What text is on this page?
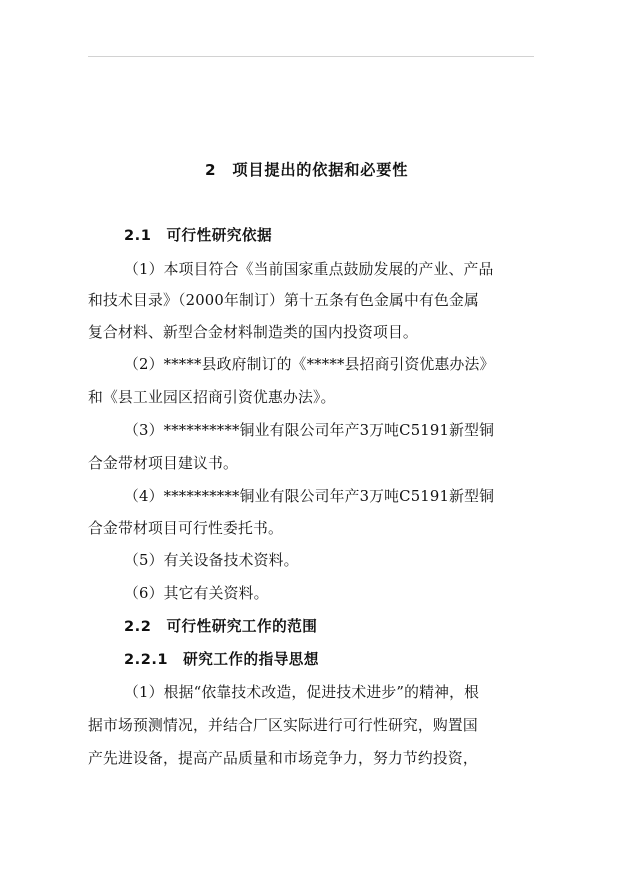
2　项目提出的依据和必要性
2.1　可行性研究依据
（1）本项目符合《当前国家重点鼓励发展的产业、产品
和技术目录》（2000年制订）第十五条有色金属中有色金属
复合材料、新型合金材料制造类的国内投资项目。
（2）*****县政府制订的《*****县招商引资优惠办法》
和《县工业园区招商引资优惠办法》。
（3）**********铜业有限公司年产3万吨C5191新型铜
合金带材项目建议书。
（4）**********铜业有限公司年产3万吨C5191新型铜
合金带材项目可行性委托书。
（5）有关设备技术资料。
（6）其它有关资料。
2.2　可行性研究工作的范围
2.2.1　研究工作的指导思想
（1）根据“依靠技术改造，促进技术进步”的精神，根
据市场预测情况，并结合厂区实际进行可行性研究，购置国
产先进设备，提高产品质量和市场竞争力，努力节约投资，
